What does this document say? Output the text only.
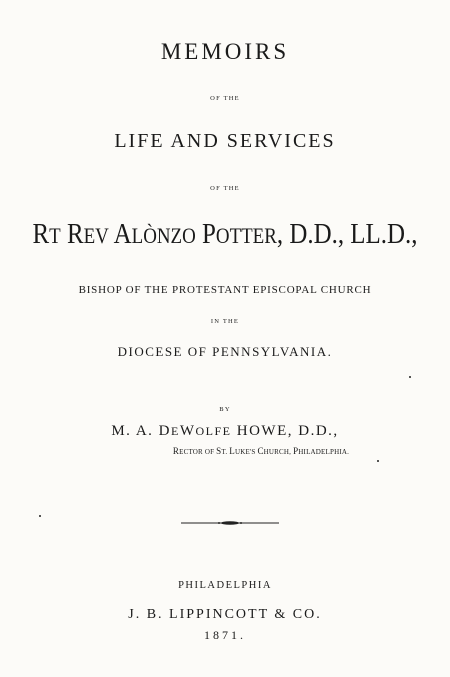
MEMOIRS
OF THE
LIFE AND SERVICES
OF THE
RT REV ALÒNZO POTTER, D.D., LL.D.,
BISHOP OF THE PROTESTANT EPISCOPAL CHURCH
IN THE
DIOCESE OF PENNSYLVANIA.
BY
M. A. DEWOLFE HOWE, D.D.,
RECTOR OF ST. LUKE'S CHURCH, PHILADELPHIA.
PHILADELPHIA
J. B. LIPPINCOTT & CO.
1871.
